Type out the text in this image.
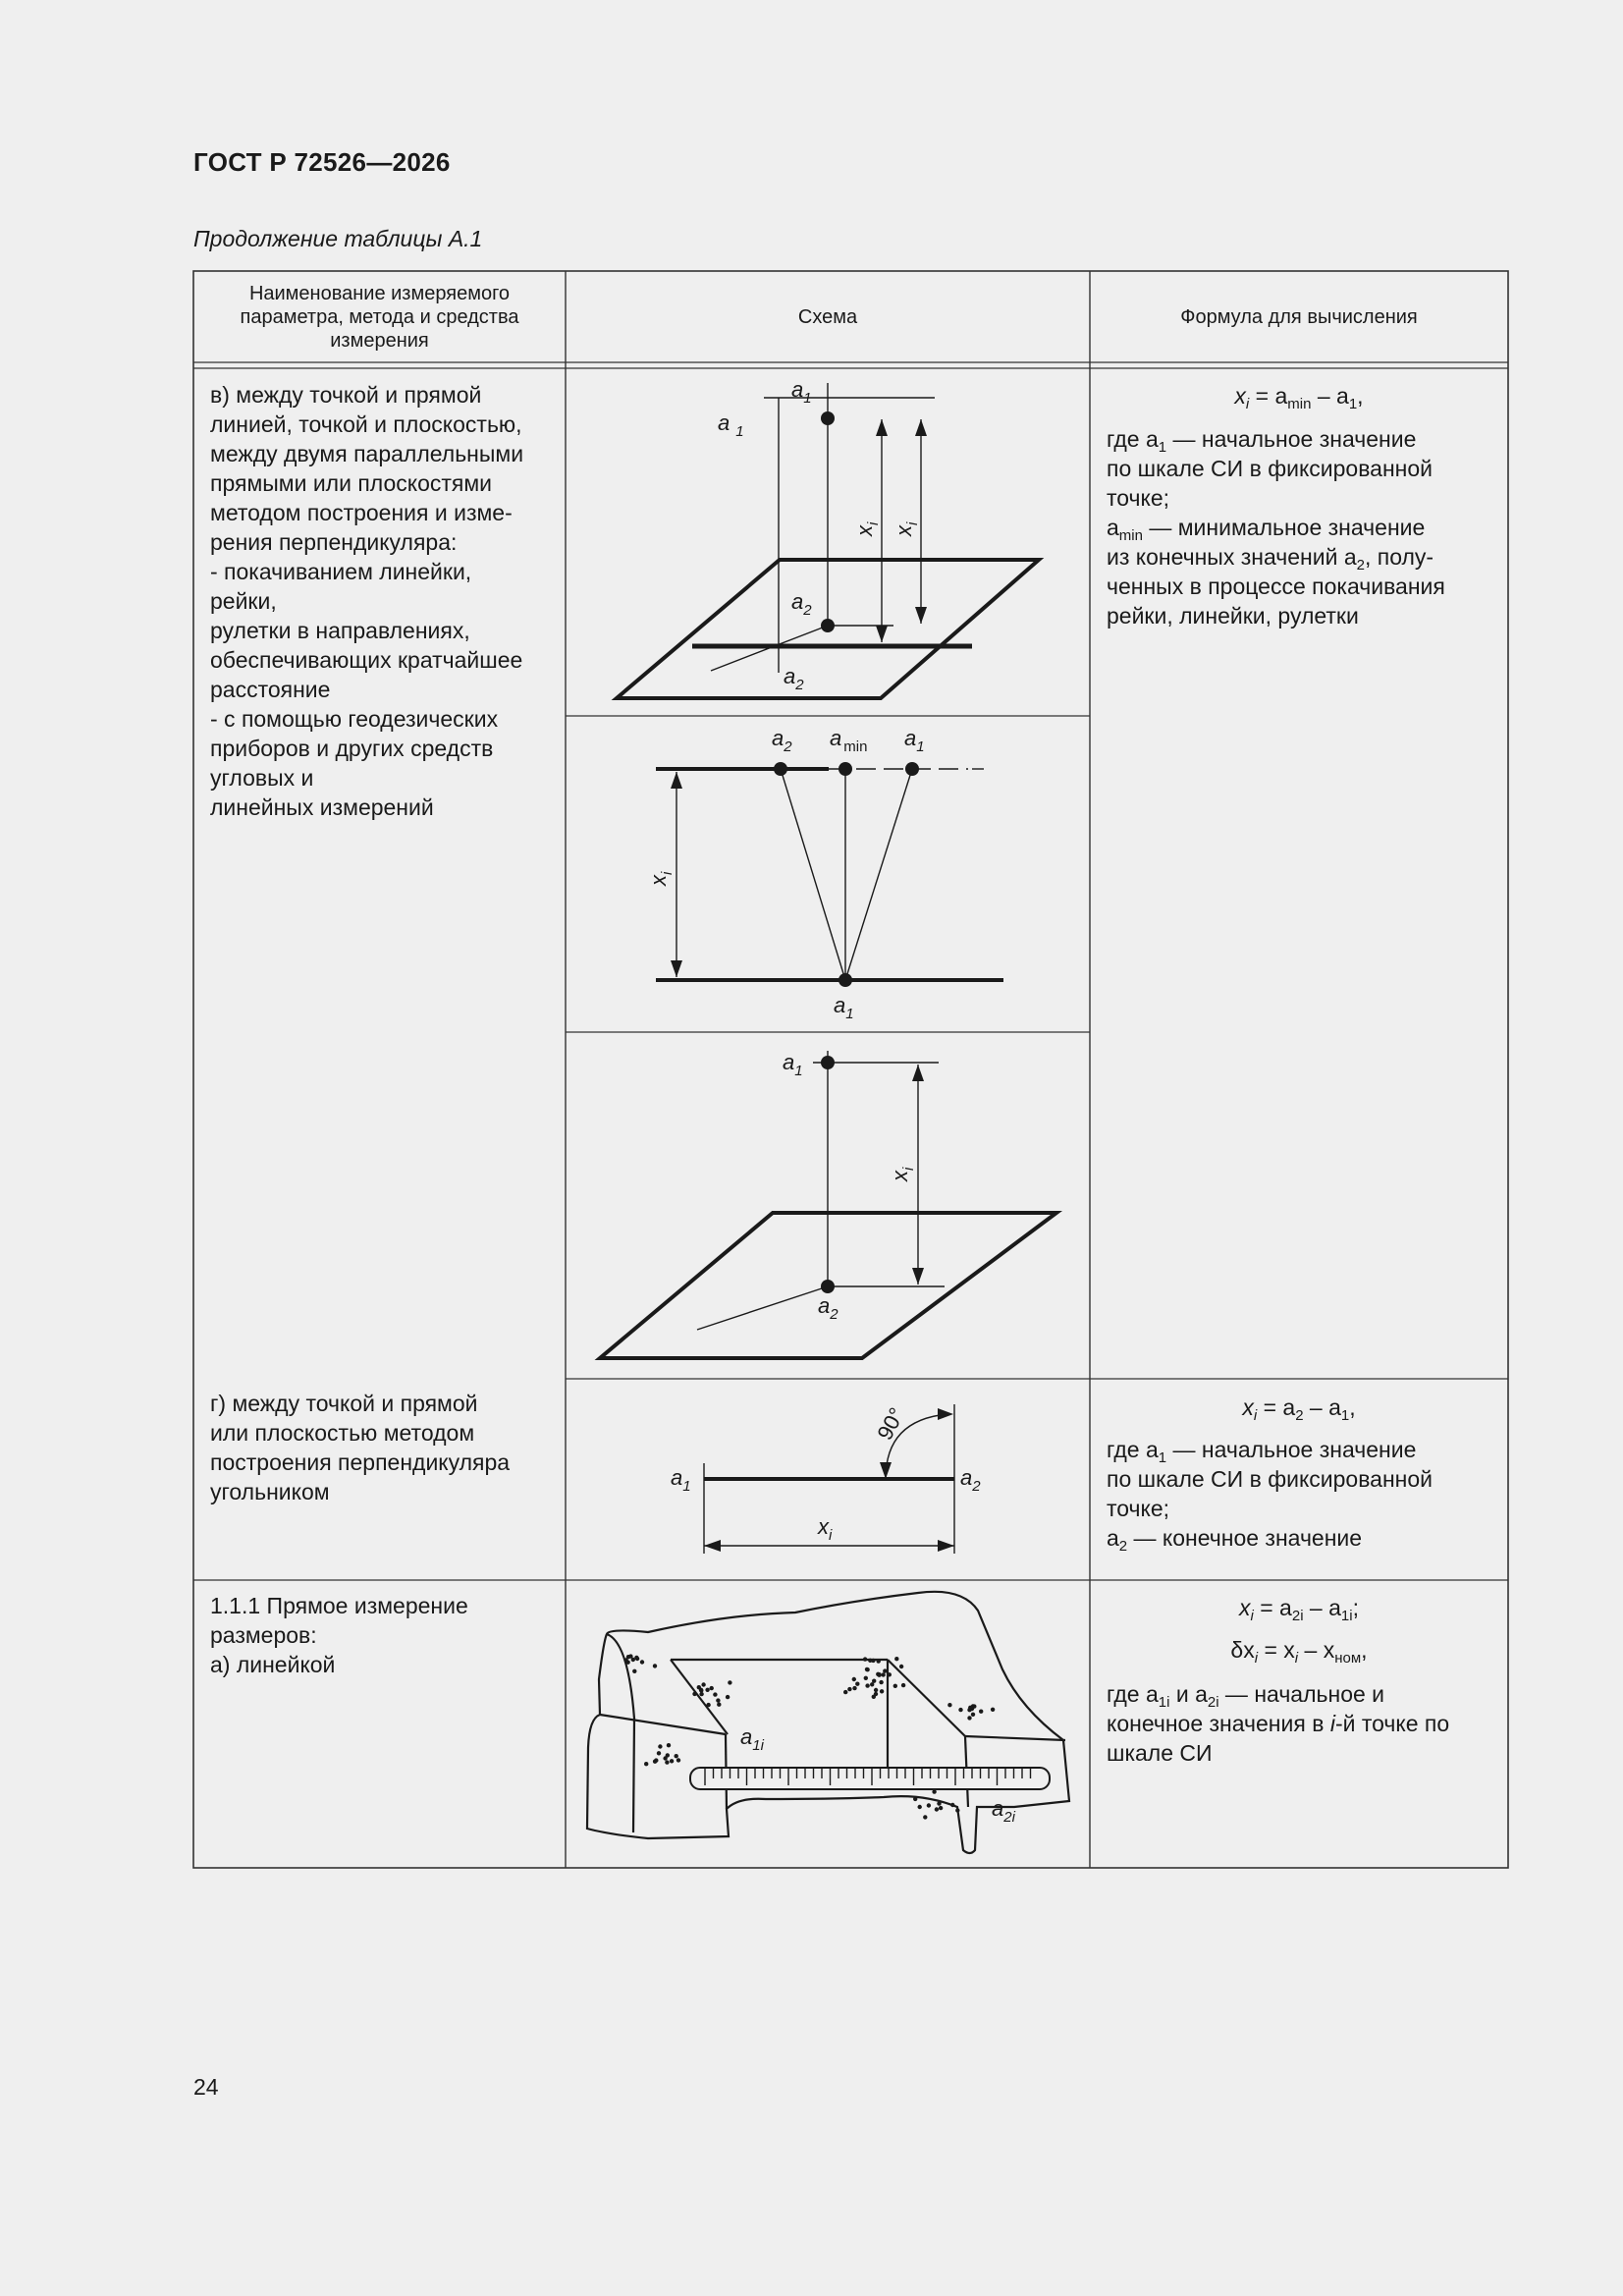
ГОСТ Р 72526—2026
Продолжение таблицы А.1
$a_1$
a $_1$
$a_2$
$a_2$
$x_i$
$x_i$
$a_2$ a $_{min}$ $a_1$
$a_1$
$x_i$
$a_1$
$a_2$
$x_i$
$a_1$	$a_2$
$x_i$
90°
$a_{1i}$
$a_{2i}$
Наименование измеряемого
параметра, метода и средства
измерения
Схема	Формула для вычисления
в) между точкой и прямой
линией, точкой и плоскостью,
между двумя параллельными
прямыми или плоскостями
методом построения и изме-
рения перпендикуляра:
- покачиванием линейки,
рейки,
рулетки в направлениях,
обеспечивающих кратчайшее
расстояние
- с помощью геодезических
приборов и других средств
угловых и
линейных измерений
$x_i = a_{min} - a_1$,
где $a_1$ — начальное значение
по шкале СИ в фиксированной
точке;
$a_{min}$ — минимальное значение
из конечных значений $a_2$, полу-
ченных в процессе покачивания
рейки, линейки, рулетки
г) между точкой и прямой
или плоскостью методом
построения перпендикуляра
угольником
$x_i = a_2 - a_1$,
где $a_1$ — начальное значение
по шкале СИ в фиксированной
точке;
$a_2$ — конечное значение
1.1.1 Прямое измерение
размеров:
а) линейкой
$x_i = a_{2i} - a_{1i}$;
$\delta x_i = x_i - x_{ном}$,
где $a_{1i}$ и $a_{2i}$ — начальное и
конечное значения в i-й точке по
шкале СИ
24
